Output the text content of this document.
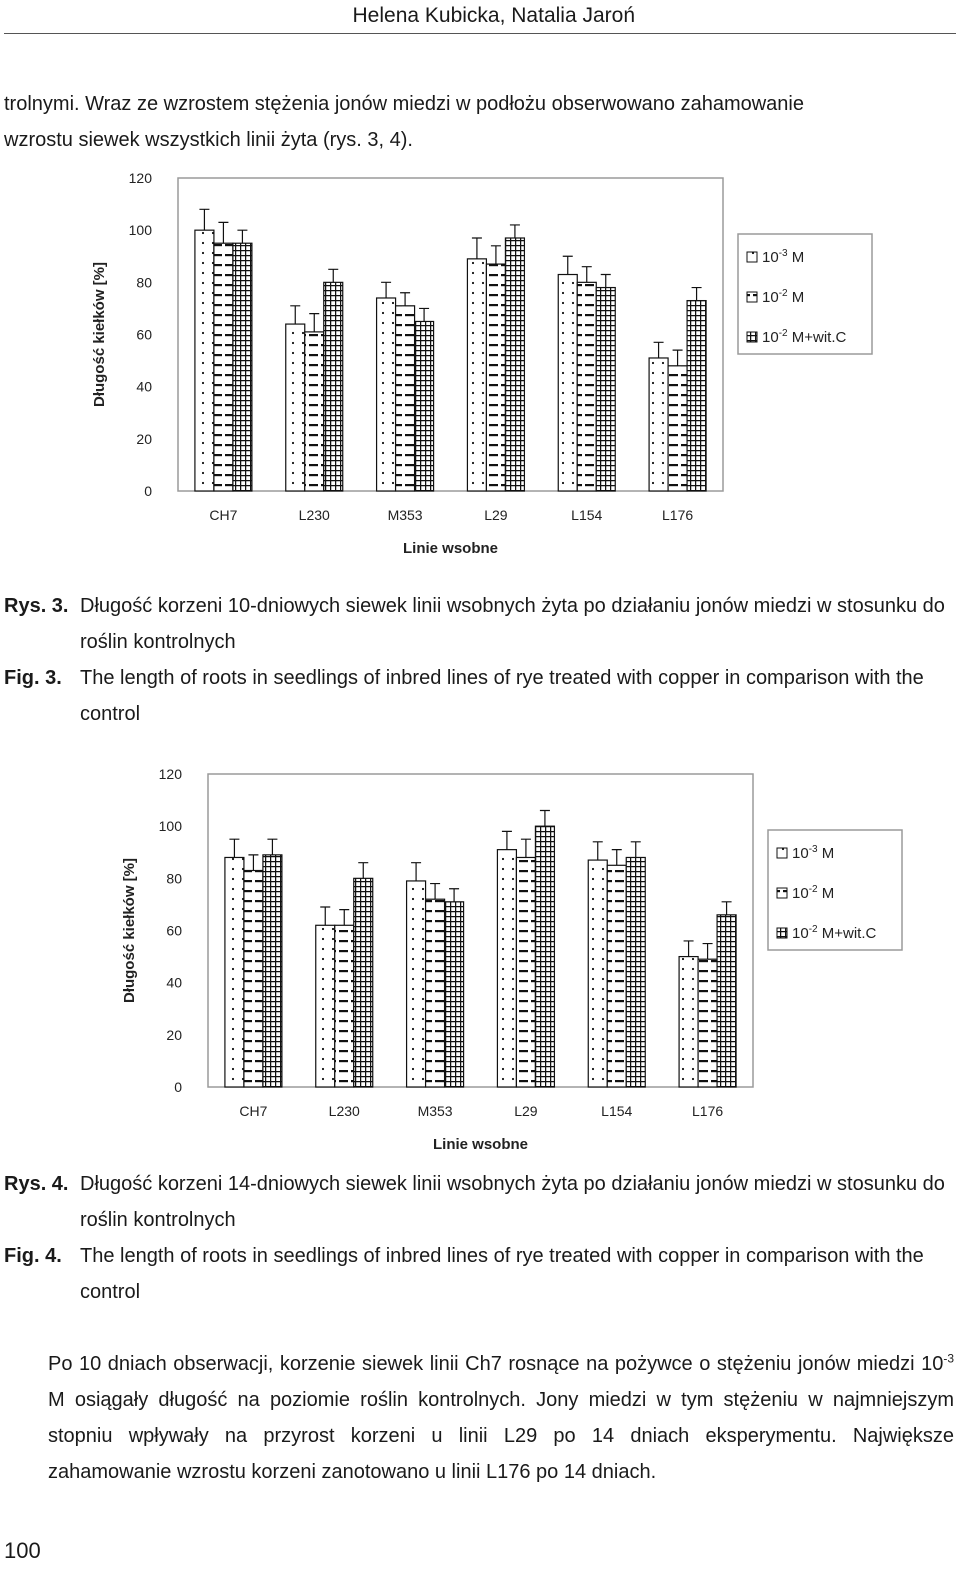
Helena Kubicka, Natalia Jaroń
trolnymi. Wraz ze wzrostem stężenia jonów miedzi w podłożu obserwowano zahamowanie
wzrostu siewek wszystkich linii żyta (rys. 3, 4).
0
20
40
60
80
100
120
Długość kiełków [%]
Linie wsobne
CH7	L230	M353	L29	L154	L176
$10^{-3}$ M
$10^{-2}$ M
$10^{-2}$ M+wit.C
Rys. 3. Długość korzeni 10-dniowych siewek linii wsobnych żyta po działaniu jonów miedzi w stosunku do roślin kontrolnych
Fig. 3. The length of roots in seedlings of inbred lines of rye treated with copper in comparison with the control
0
20
40
60
80
100
120
Długość kiełków [%]
Linie wsobne
CH7	L230	M353	L29	L154	L176
$10^{-3}$ M
$10^{-2}$ M
$10^{-2}$ M+wit.C
Rys. 4. Długość korzeni 14-dniowych siewek linii wsobnych żyta po działaniu jonów miedzi w stosunku do roślin kontrolnych
Fig. 4. The length of roots in seedlings of inbred lines of rye treated with copper in comparison with the control
Po 10 dniach obserwacji, korzenie siewek linii Ch7 rosnące na pożywce o stężeniu jonów miedzi $10^{-3}$ M osiągały długość na poziomie roślin kontrolnych. Jony miedzi w tym stężeniu w najmniejszym stopniu wpływały na przyrost korzeni u linii L29 po 14 dniach eksperymentu. Największe zahamowanie wzrostu korzeni zanotowano u linii L176 po 14 dniach.
100
